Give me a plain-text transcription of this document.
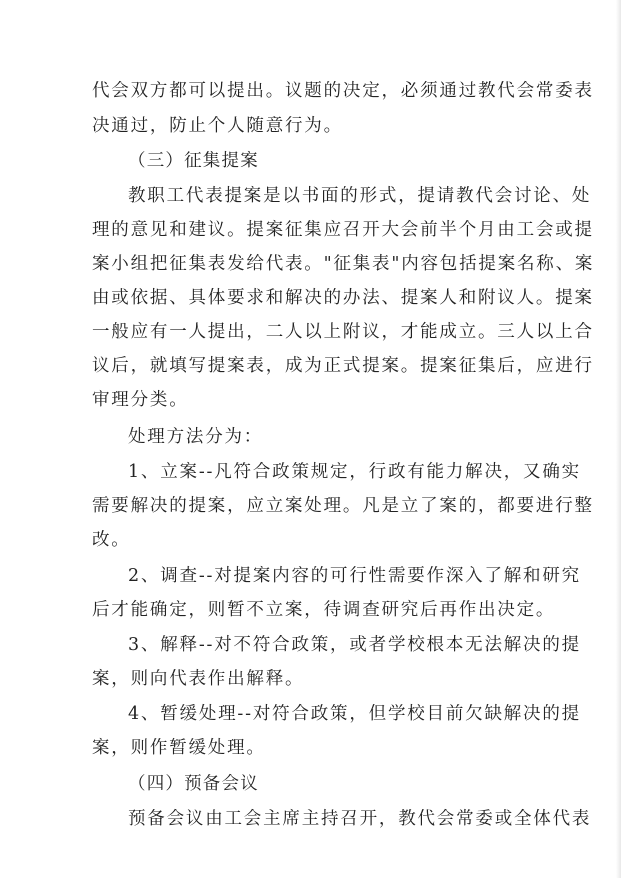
代会双方都可以提出。议题的决定，必须通过教代会常委表
决通过，防止个人随意行为。
（三）征集提案
教职工代表提案是以书面的形式，提请教代会讨论、处
理的意见和建议。提案征集应召开大会前半个月由工会或提
案小组把征集表发给代表。"征集表"内容包括提案名称、案
由或依据、具体要求和解决的办法、提案人和附议人。提案
一般应有一人提出，二人以上附议，才能成立。三人以上合
议后，就填写提案表，成为正式提案。提案征集后，应进行
审理分类。
处理方法分为：
1、立案--凡符合政策规定，行政有能力解决，又确实
需要解决的提案，应立案处理。凡是立了案的，都要进行整
改。
2、调查--对提案内容的可行性需要作深入了解和研究
后才能确定，则暂不立案，待调查研究后再作出决定。
3、解释--对不符合政策，或者学校根本无法解决的提
案，则向代表作出解释。
4、暂缓处理--对符合政策，但学校目前欠缺解决的提
案，则作暂缓处理。
（四）预备会议
预备会议由工会主席主持召开，教代会常委或全体代表
